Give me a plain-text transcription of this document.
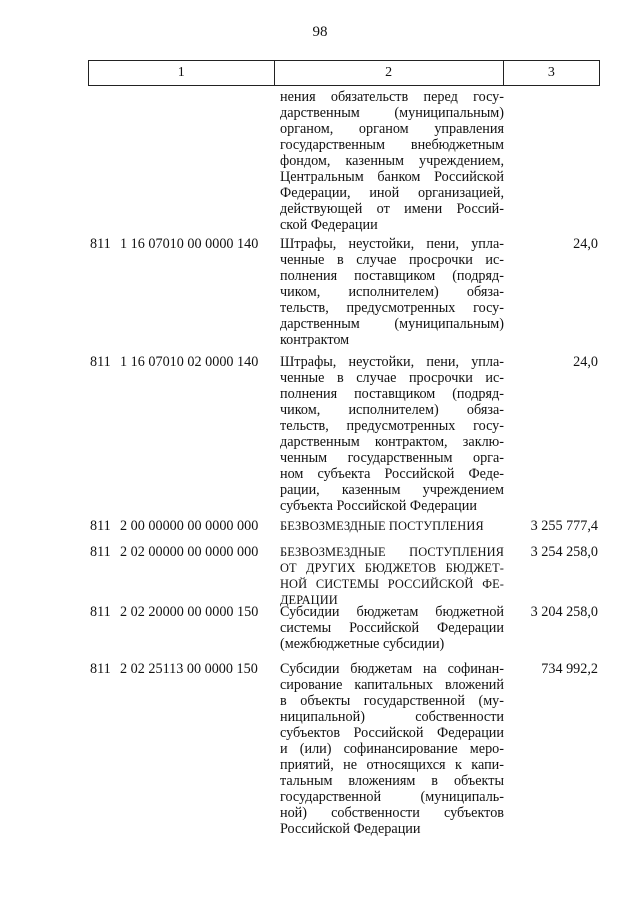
98
1	2	3
нения обязательств перед госу-
дарственным (муниципальным)
органом, органом управления
государственным внебюджетным
фондом, казенным учреждением,
Центральным банком Российской
Федерации, иной организацией,
действующей от имени Россий-
ской Федерации
811 1 16 07010 00 0000 140	Штрафы, неустойки, пени, упла-
ченные в случае просрочки ис-
полнения поставщиком (подряд-
чиком, исполнителем) обяза-
тельств, предусмотренных госу-
дарственным (муниципальным)
контрактом
24,0
811 1 16 07010 02 0000 140	Штрафы, неустойки, пени, упла-
ченные в случае просрочки ис-
полнения поставщиком (подряд-
чиком, исполнителем) обяза-
тельств, предусмотренных госу-
дарственным контрактом, заклю-
ченным государственным орга-
ном субъекта Российской Феде-
рации, казенным учреждением
субъекта Российской Федерации
24,0
811 2 00 00000 00 0000 000	БЕЗВОЗМЕЗДНЫЕ ПОСТУПЛЕНИЯ	3 255 777,4
811 2 02 00000 00 0000 000	БЕЗВОЗМЕЗДНЫЕ ПОСТУПЛЕНИЯ
ОТ ДРУГИХ БЮДЖЕТОВ БЮДЖЕТ-
НОЙ СИСТЕМЫ РОССИЙСКОЙ ФЕ-
ДЕРАЦИИ
3 254 258,0
811 2 02 20000 00 0000 150	Субсидии бюджетам бюджетной
системы Российской Федерации
(межбюджетные субсидии)
3 204 258,0
811 2 02 25113 00 0000 150	Субсидии бюджетам на софинан-
сирование капитальных вложений
в объекты государственной (му-
ниципальной) собственности
субъектов Российской Федерации
и (или) софинансирование меро-
приятий, не относящихся к капи-
тальным вложениям в объекты
государственной (муниципаль-
ной) собственности субъектов
Российской Федерации
734 992,2
